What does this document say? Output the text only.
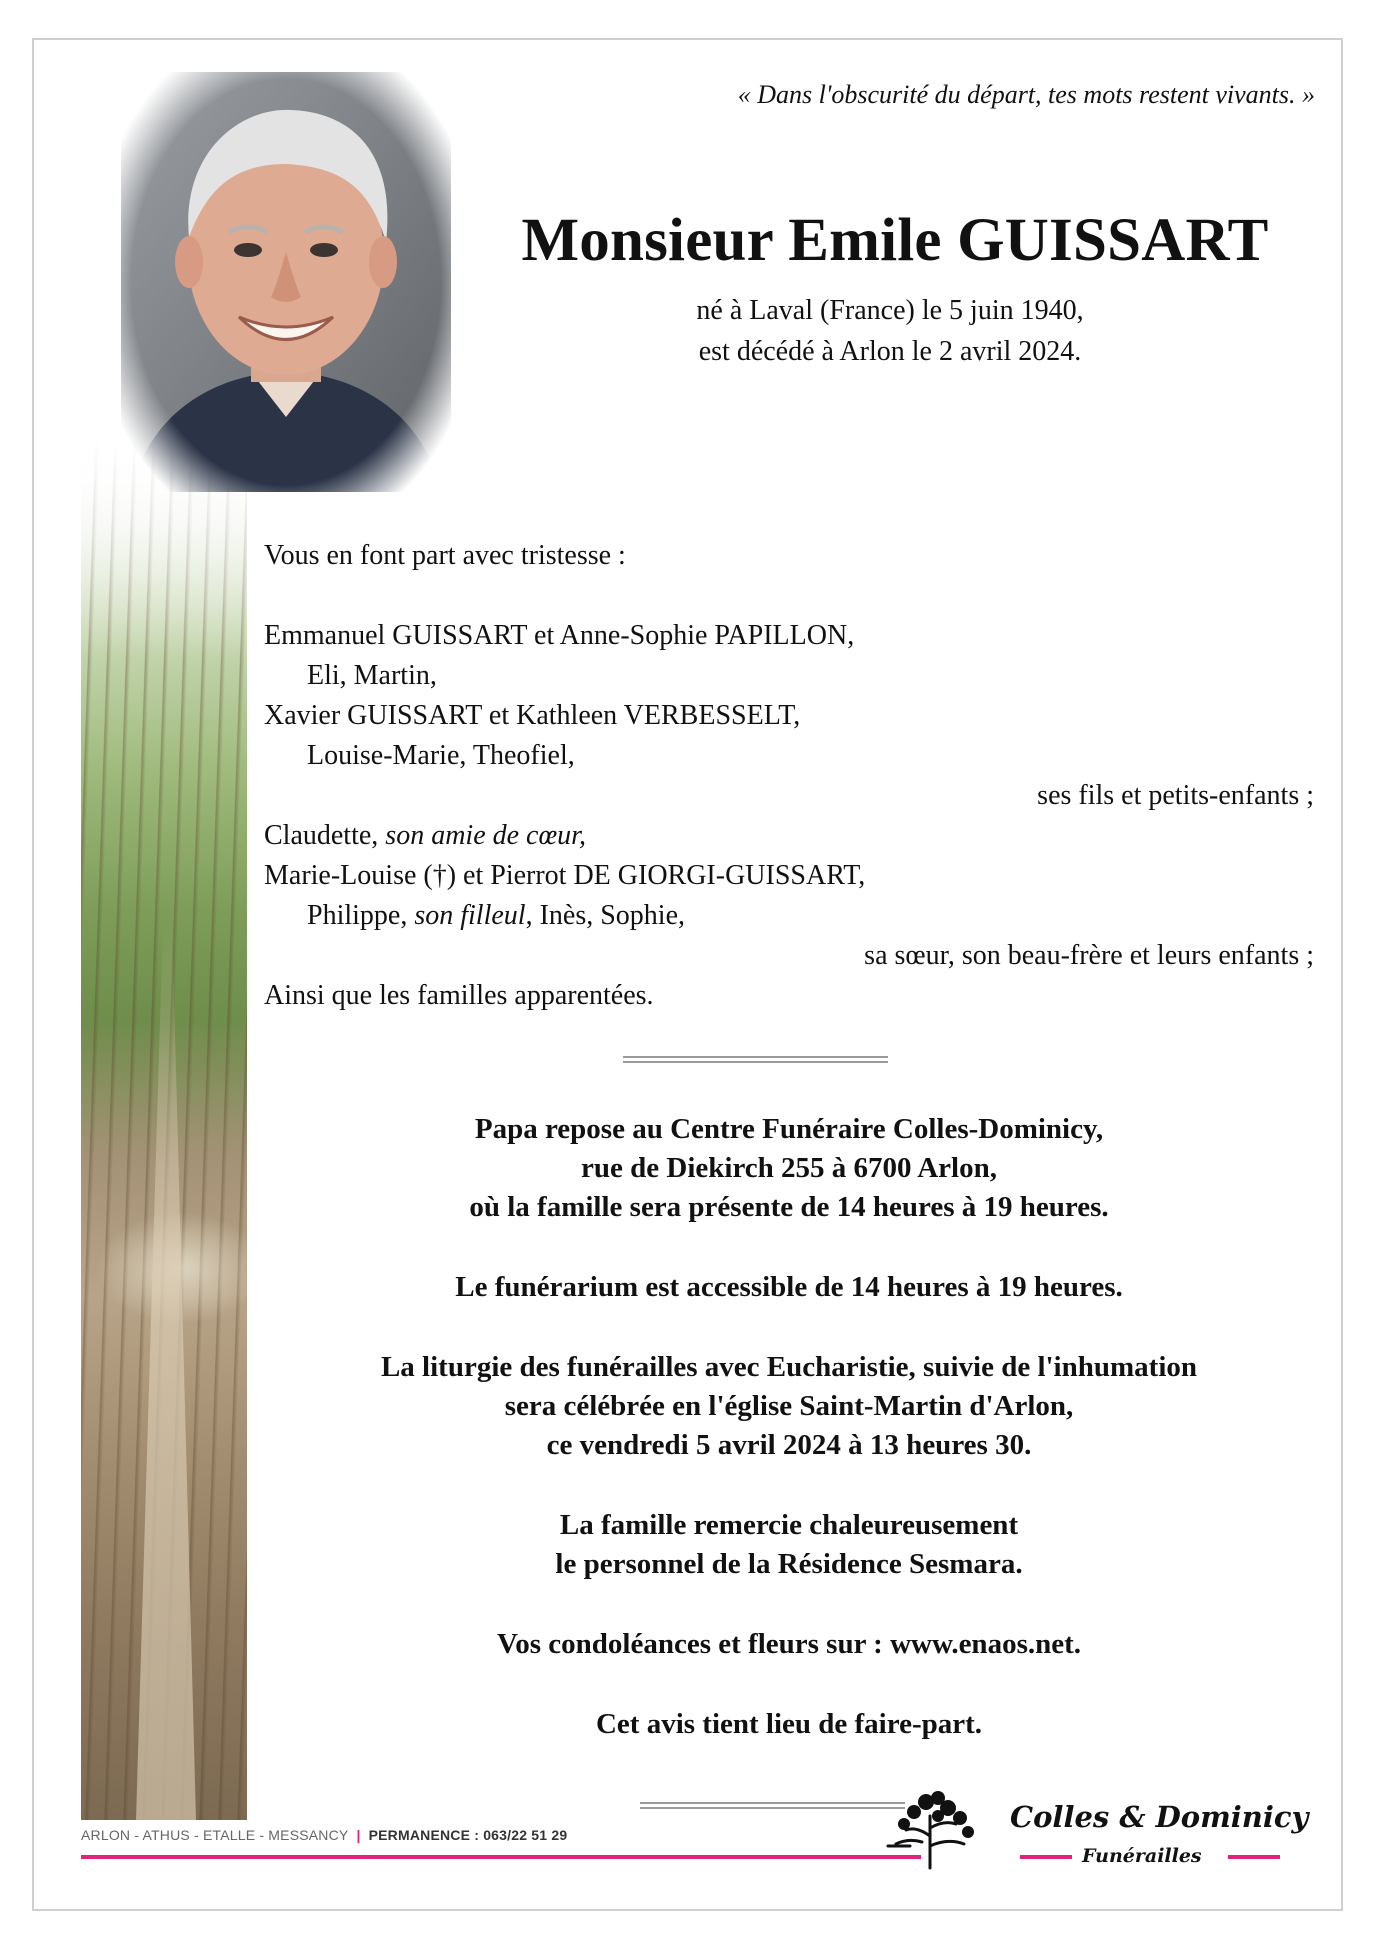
« Dans l'obscurité du départ, tes mots restent vivants. »
Monsieur Emile GUISSART
né à Laval (France) le 5 juin 1940,
est décédé à Arlon le 2 avril 2024.
Vous en font part avec tristesse :
Emmanuel GUISSART et Anne-Sophie PAPILLON,
Eli, Martin,
Xavier GUISSART et Kathleen VERBESSELT,
Louise-Marie, Theofiel,
ses fils et petits-enfants ;
Claudette, son amie de cœur,
Marie-Louise (†) et Pierrot DE GIORGI-GUISSART,
Philippe, son filleul, Inès, Sophie,
sa sœur, son beau-frère et leurs enfants ;
Ainsi que les familles apparentées.
Papa repose au Centre Funéraire Colles-Dominicy,
rue de Diekirch 255 à 6700 Arlon,
où la famille sera présente de 14 heures à 19 heures.
Le funérarium est accessible de 14 heures à 19 heures.
La liturgie des funérailles avec Eucharistie, suivie de l'inhumation
sera célébrée en l'église Saint-Martin d'Arlon,
ce vendredi 5 avril 2024 à 13 heures 30.
La famille remercie chaleureusement
le personnel de la Résidence Sesmara.
Vos condoléances et fleurs sur : www.enaos.net.
Cet avis tient lieu de faire-part.
ARLON - ATHUS - ETALLE - MESSANCY | PERMANENCE : 063/22 51 29
Colles & Dominicy
Funérailles
